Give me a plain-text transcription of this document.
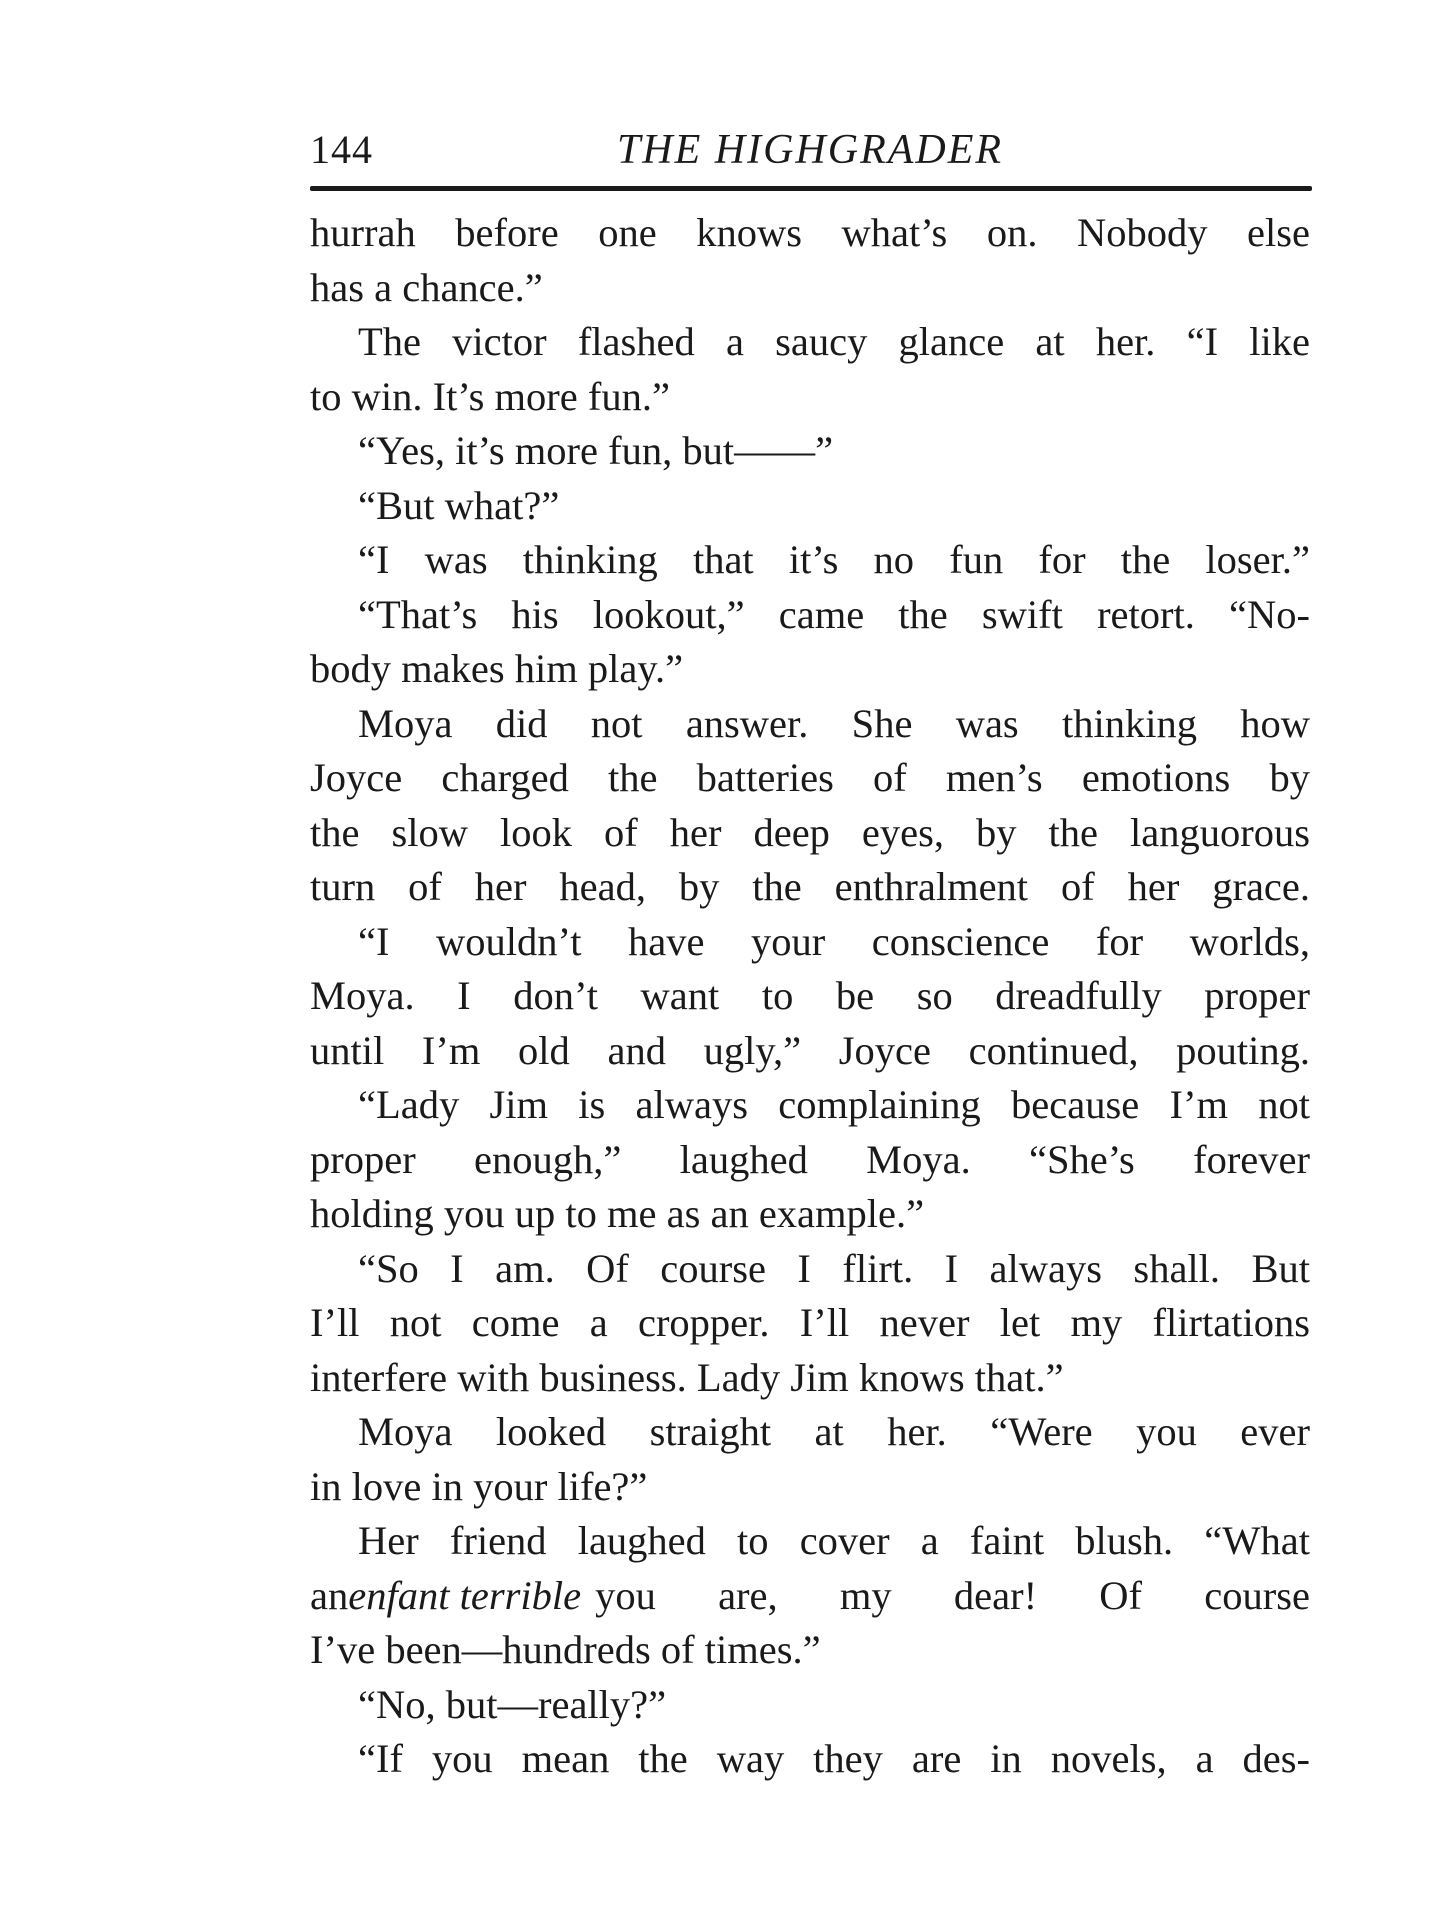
144	THE HIGHGRADER
hurrah before one knows what’s on. Nobody else
has a chance.”
The victor flashed a saucy glance at her. “I like
to win. It’s more fun.”
“Yes, it’s more fun, but——”
“But what?”
“I was thinking that it’s no fun for the loser.”
“That’s his lookout,” came the swift retort. “No-
body makes him play.”
Moya did not answer. She was thinking how
Joyce charged the batteries of men’s emotions by
the slow look of her deep eyes, by the languorous
turn of her head, by the enthralment of her grace.
“I wouldn’t have your conscience for worlds,
Moya. I don’t want to be so dreadfully proper
until I’m old and ugly,” Joyce continued, pouting.
“Lady Jim is always complaining because I’m not
proper enough,” laughed Moya. “She’s forever
holding you up to me as an example.”
“So I am. Of course I flirt. I always shall. But
I’ll not come a cropper. I’ll never let my flirtations
interfere with business. Lady Jim knows that.”
Moya looked straight at her. “Were you ever
in love in your life?”
Her friend laughed to cover a faint blush. “What
an enfant terrible you are, my dear! Of course
I’ve been—hundreds of times.”
“No, but—really?”
“If you mean the way they are in novels, a des-
